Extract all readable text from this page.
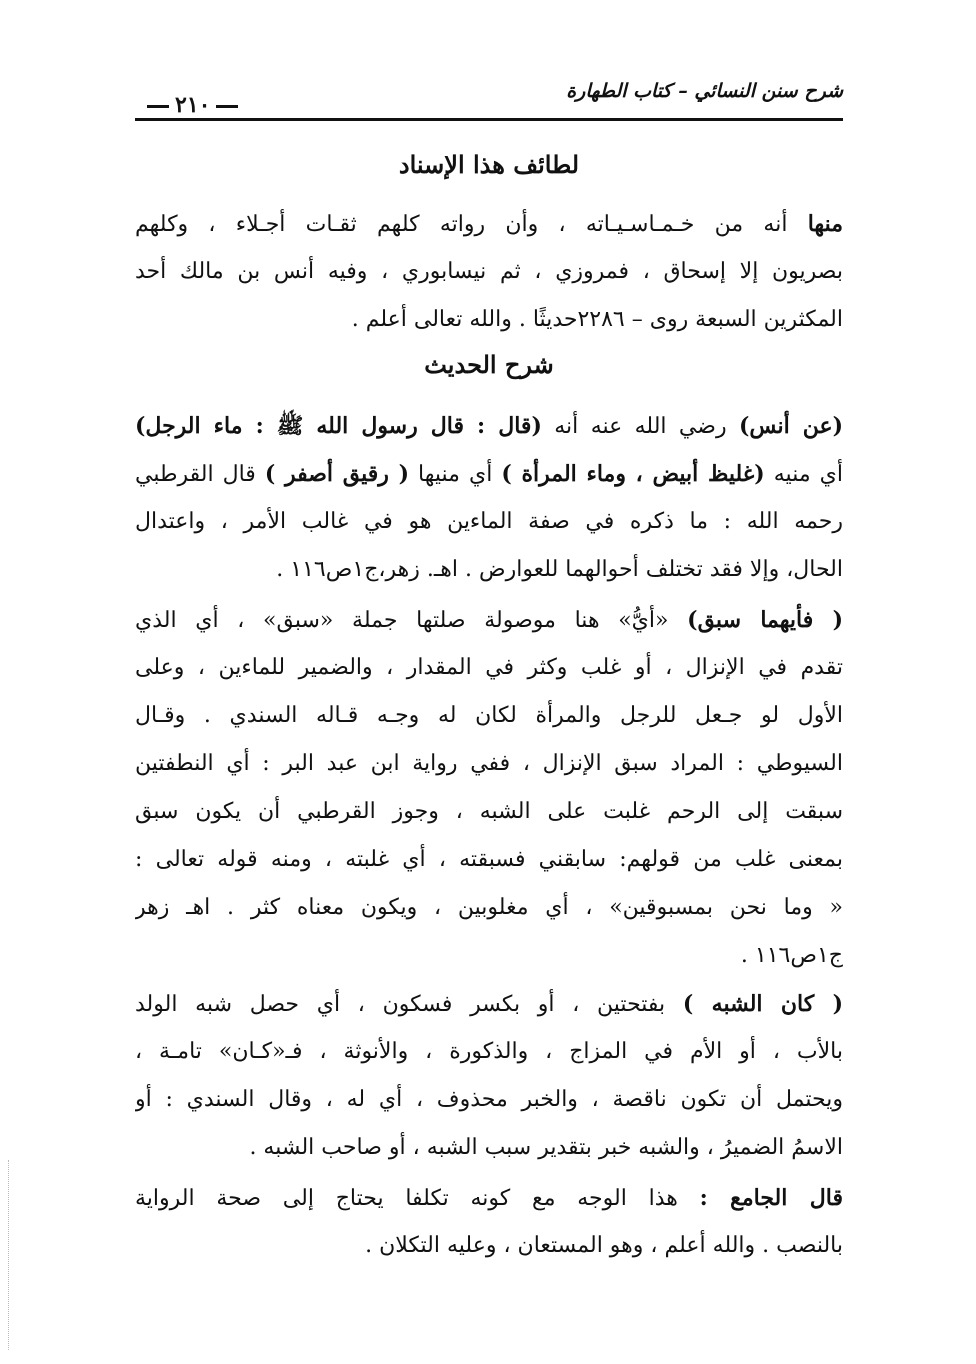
شرح سنن النسائي – كتاب الطهارة
٢١٠
لطائف هذا الإسناد
منها أنه من خـمـاسـيـاته ، وأن رواته كلهم ثقـات أجـلاء ، وكلهم
بصريون إلا إسحاق ، فمروزي ، ثم نيسابوري ، وفيه أنس بن مالك أحد
المكثرين السبعة روى – ٢٢٨٦حديثًا . والله تعالى أعلم .
شرح الحديث
(عن أنس) رضي الله عنه أنه (قال : قال رسول الله ﷺ : ماء الرجل)
أي منيه (غليظ أبيض ، وماء المرأة ) أي منيها ( رقيق أصفر ) قال القرطبي
رحمه الله : ما ذكره في صفة الماءين هو في غالب الأمر ، واعتدال
الحال، وإلا فقد تختلف أحوالهما للعوارض . اهـ. زهر،ج١ص١١٦ .
( فأيهما سبق) «أيُّ» هنا موصولة صلتها جملة «سبق» ، أي الذي
تقدم في الإنزال ، أو غلب وكثر في المقدار ، والضمير للماءين ، وعلى
الأول لو جـعل للرجل والمرأة لكان له وجـه قـاله السندي . وقـال
السيوطي : المراد سبق الإنزال ، ففي رواية ابن عبد البر : أي النطفتين
سبقت إلى الرحم غلبت على الشبه ، وجوز القرطبي أن يكون سبق
بمعنى غلب من قولهم: سابقني فسبقته ، أي غلبته ، ومنه قوله تعالى :
« وما نحن بمسبوقين» ، أي مغلوبين ، ويكون معناه كثر . اهـ زهر
ج١ص١١٦ .
( كان الشبه ) بفتحتين ، أو بكسر فسكون ، أي حصل شبه الولد
بالأب ، أو الأم في المزاج ، والذكورة ، والأنوثة ، فـ«كـان» تامـة ،
ويحتمل أن تكون ناقصة ، والخبر محذوف ، أي له ، وقال السندي : أو
الاسمُ الضميرُ ، والشبه خبر بتقدير سبب الشبه ، أو صاحب الشبه .
قال الجامع : هذا الوجه مع كونه تكلفا يحتاج إلى صحة الرواية
بالنصب . والله أعلم ، وهو المستعان ، وعليه التكلان .
